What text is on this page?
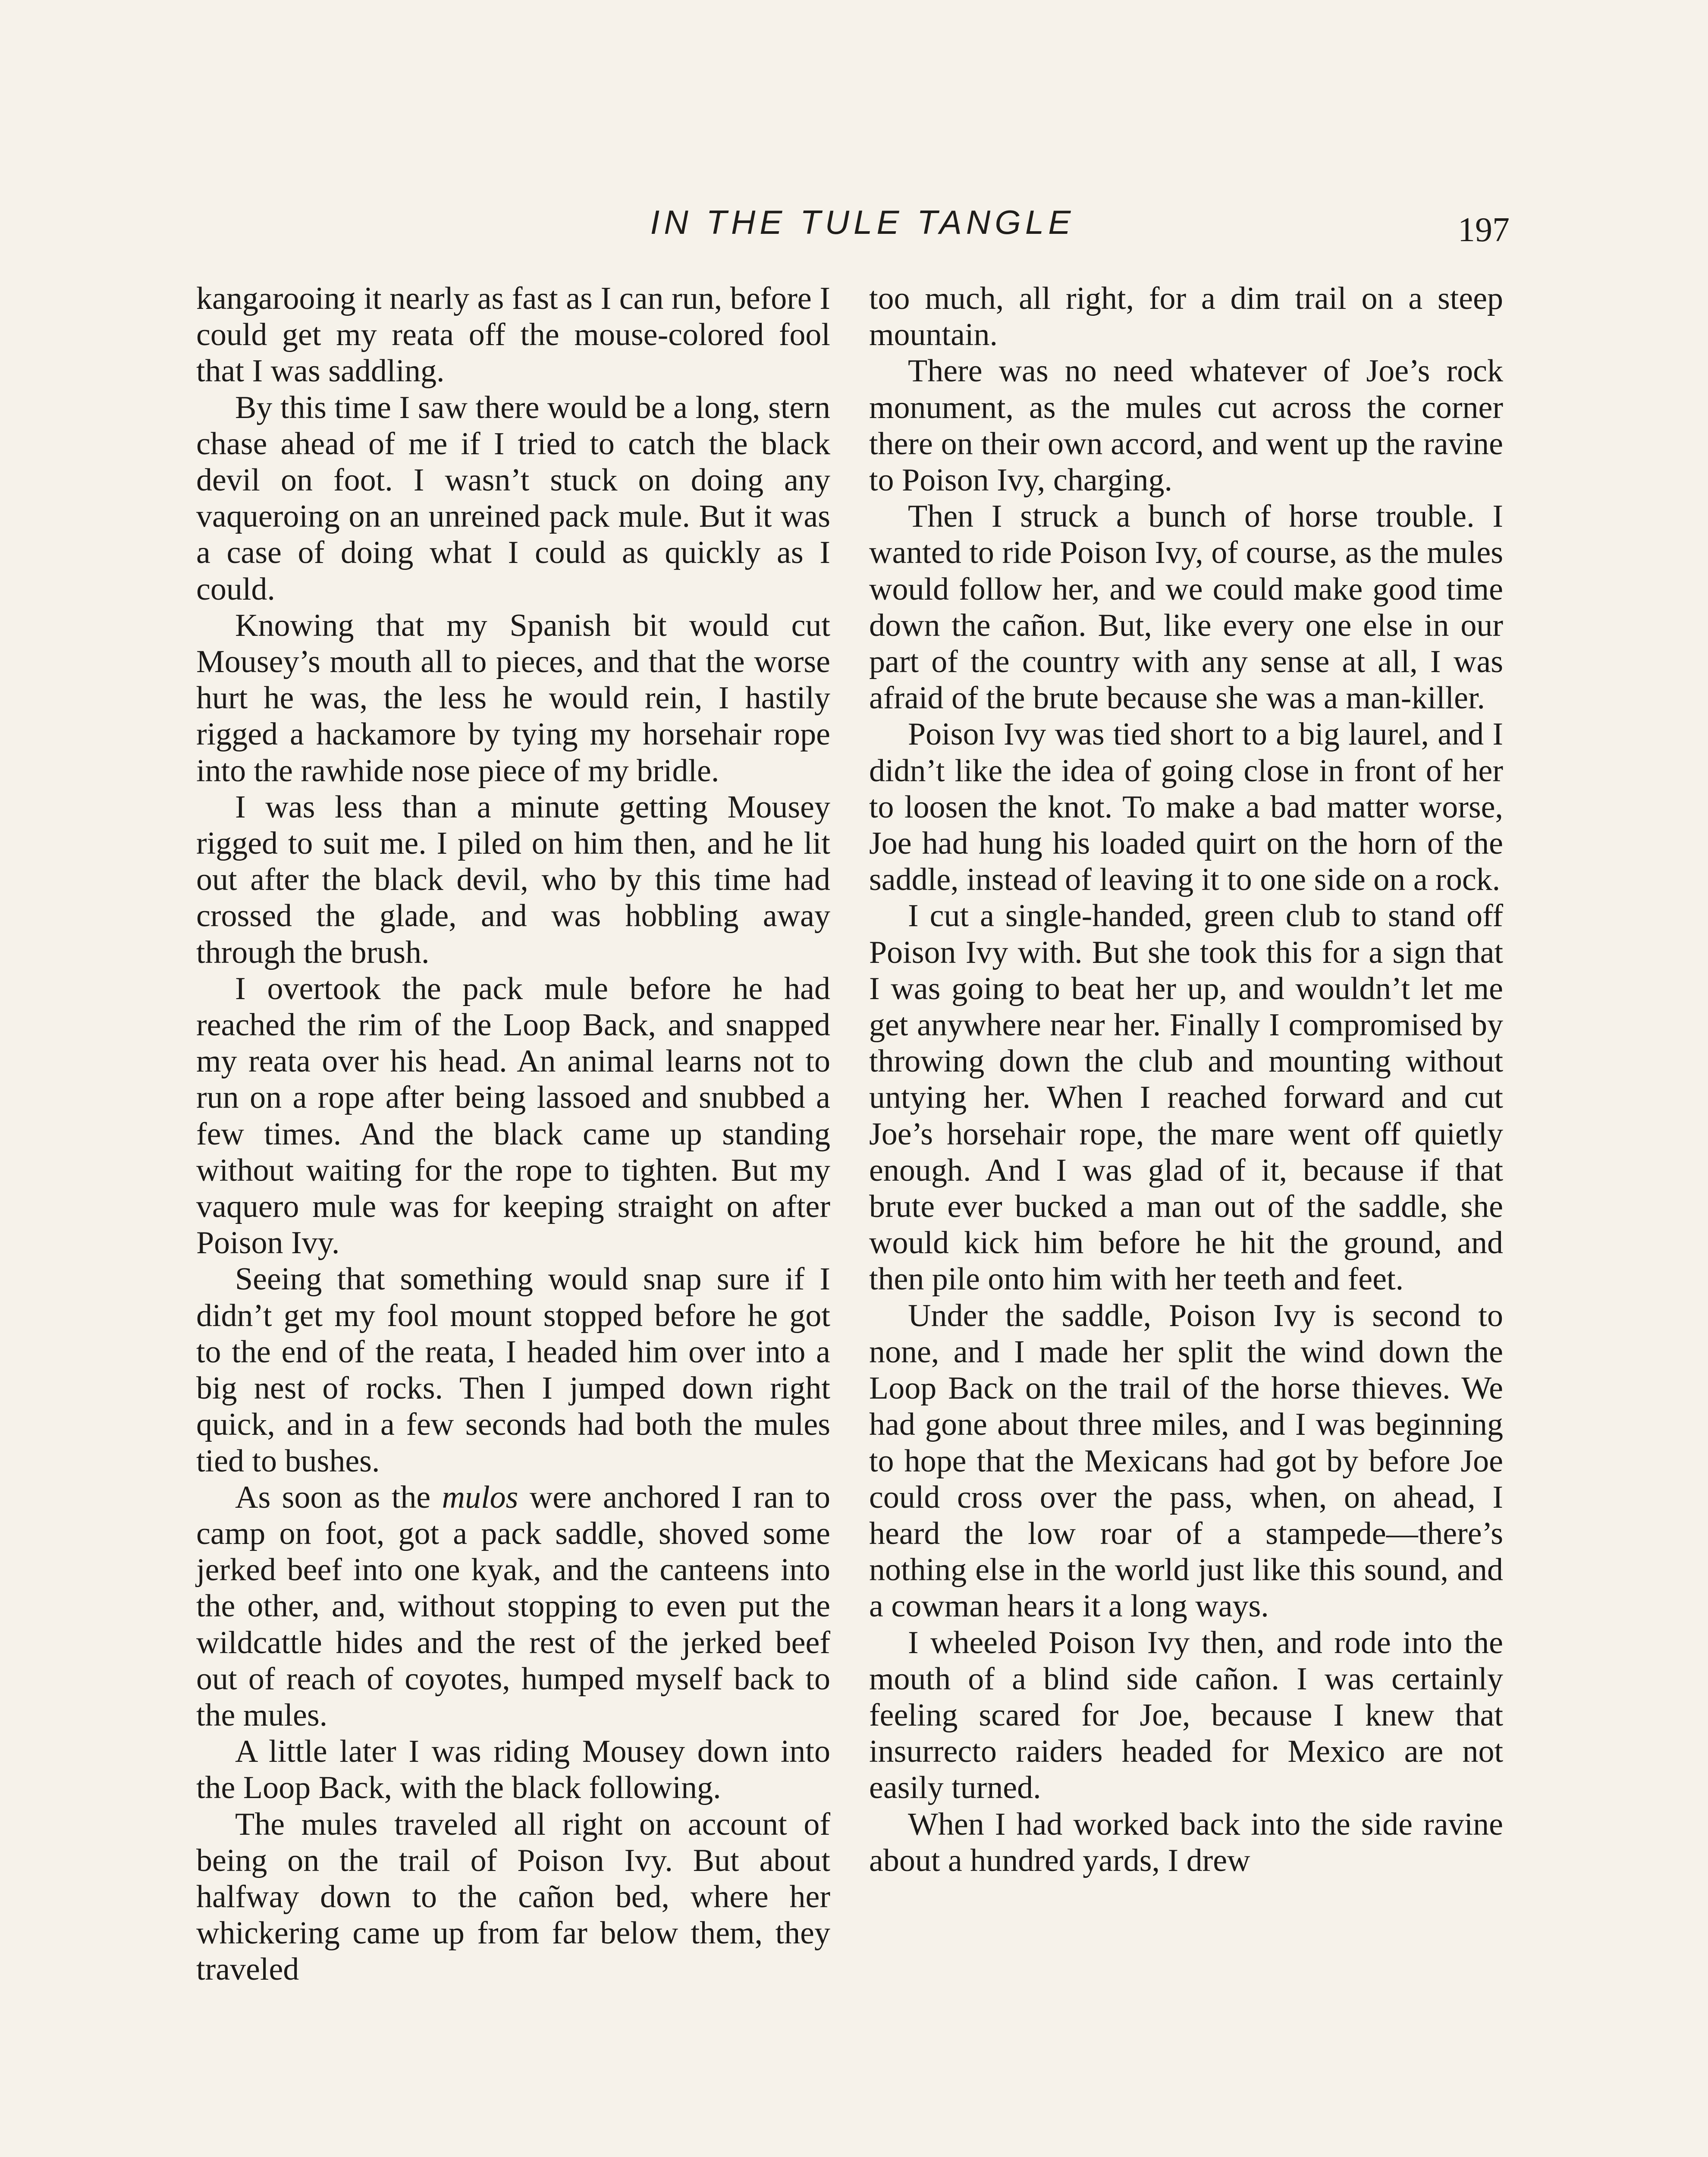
IN THE TULE TANGLE	197

kangarooing it nearly as fast as I can run, before I could get my reata off the mouse-colored fool that I was saddling.

By this time I saw there would be a long, stern chase ahead of me if I tried to catch the black devil on foot. I wasn’t stuck on doing any vaqueroing on an unreined pack mule. But it was a case of doing what I could as quickly as I could.

Knowing that my Spanish bit would cut Mousey’s mouth all to pieces, and that the worse hurt he was, the less he would rein, I hastily rigged a hackamore by tying my horsehair rope into the rawhide nose piece of my bridle.

I was less than a minute getting Mousey rigged to suit me. I piled on him then, and he lit out after the black devil, who by this time had crossed the glade, and was hobbling away through the brush.

I overtook the pack mule before he had reached the rim of the Loop Back, and snapped my reata over his head. An animal learns not to run on a rope after being lassoed and snubbed a few times. And the black came up standing without waiting for the rope to tighten. But my vaquero mule was for keeping straight on after Poison Ivy.

Seeing that something would snap sure if I didn’t get my fool mount stopped before he got to the end of the reata, I headed him over into a big nest of rocks. Then I jumped down right quick, and in a few seconds had both the mules tied to bushes.

As soon as the mulos were anchored I ran to camp on foot, got a pack saddle, shoved some jerked beef into one kyak, and the canteens into the other, and, without stopping to even put the wildcattle hides and the rest of the jerked beef out of reach of coyotes, humped myself back to the mules.

A little later I was riding Mousey down into the Loop Back, with the black following.

The mules traveled all right on account of being on the trail of Poison Ivy. But about halfway down to the cañon bed, where her whickering came up from far below them, they traveled

too much, all right, for a dim trail on a steep mountain.

There was no need whatever of Joe’s rock monument, as the mules cut across the corner there on their own accord, and went up the ravine to Poison Ivy, charging.

Then I struck a bunch of horse trouble. I wanted to ride Poison Ivy, of course, as the mules would follow her, and we could make good time down the cañon. But, like every one else in our part of the country with any sense at all, I was afraid of the brute because she was a man-killer.

Poison Ivy was tied short to a big laurel, and I didn’t like the idea of going close in front of her to loosen the knot. To make a bad matter worse, Joe had hung his loaded quirt on the horn of the saddle, instead of leaving it to one side on a rock.

I cut a single-handed, green club to stand off Poison Ivy with. But she took this for a sign that I was going to beat her up, and wouldn’t let me get anywhere near her. Finally I compromised by throwing down the club and mounting without untying her. When I reached forward and cut Joe’s horsehair rope, the mare went off quietly enough. And I was glad of it, because if that brute ever bucked a man out of the saddle, she would kick him before he hit the ground, and then pile onto him with her teeth and feet.

Under the saddle, Poison Ivy is second to none, and I made her split the wind down the Loop Back on the trail of the horse thieves. We had gone about three miles, and I was beginning to hope that the Mexicans had got by before Joe could cross over the pass, when, on ahead, I heard the low roar of a stampede—there’s nothing else in the world just like this sound, and a cowman hears it a long ways.

I wheeled Poison Ivy then, and rode into the mouth of a blind side cañon. I was certainly feeling scared for Joe, because I knew that insurrecto raiders headed for Mexico are not easily turned.

When I had worked back into the side ravine about a hundred yards, I drew
